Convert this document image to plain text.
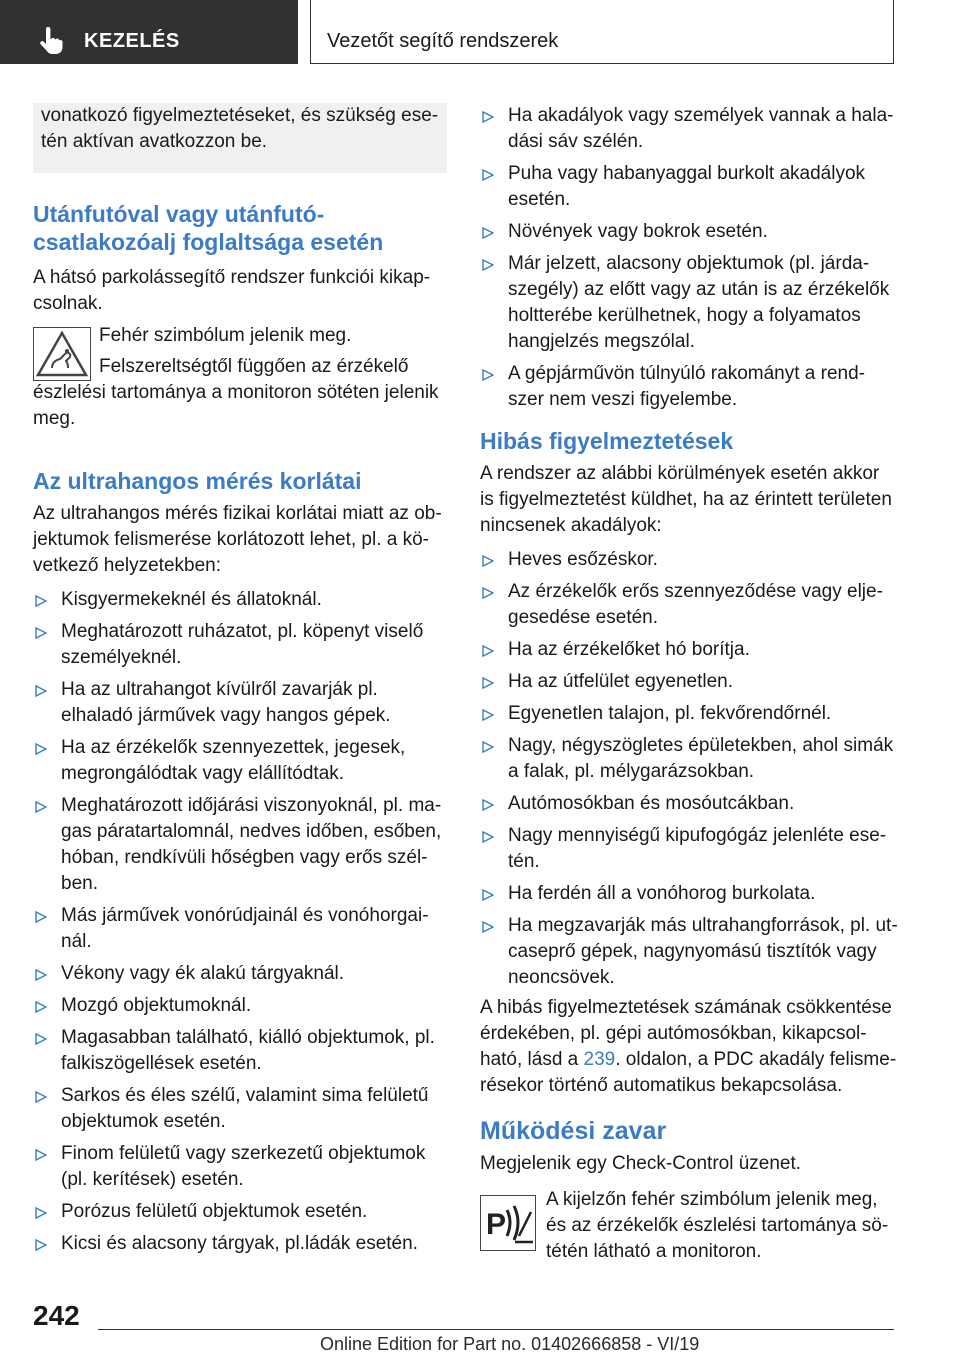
KEZELÉS	Vezetőt segítő rendszerek

vonatkozó figyelmeztetéseket, és szükség ese-tén aktívan avatkozzon be.

Utánfutóval vagy utánfutó-csatlakozóalj foglaltsága esetén

A hátsó parkolássegítő rendszer funkciói kikap-csolnak.

Fehér szimbólum jelenik meg.

Felszereltségtől függően az érzékelő észlelési tartománya a monitoron sötéten jelenik meg.

Az ultrahangos mérés korlátai

Az ultrahangos mérés fizikai korlátai miatt az ob-jektumok felismerése korlátozott lehet, pl. a kö-vetkező helyzetekben:

Kisgyermekeknél és állatoknál.
Meghatározott ruházatot, pl. köpenyt viselő személyeknél.
Ha az ultrahangot kívülről zavarják pl. elhaladó járművek vagy hangos gépek.
Ha az érzékelők szennyezettek, jegesek, megrongálódtak vagy elállítódtak.
Meghatározott időjárási viszonyoknál, pl. ma-gas páratartalomnál, nedves időben, esőben, hóban, rendkívüli hőségben vagy erős szél-ben.
Más járművek vonórúdjainál és vonóhorgai-nál.
Vékony vagy ék alakú tárgyaknál.
Mozgó objektumoknál.
Magasabban található, kiálló objektumok, pl. falkiszögellések esetén.
Sarkos és éles szélű, valamint sima felületű objektumok esetén.
Finom felületű vagy szerkezetű objektumok (pl. kerítések) esetén.
Porózus felületű objektumok esetén.
Kicsi és alacsony tárgyak, pl.ládák esetén.
Ha akadályok vagy személyek vannak a hala-dási sáv szélén.
Puha vagy habanyaggal burkolt akadályok esetén.
Növények vagy bokrok esetén.
Már jelzett, alacsony objektumok (pl. járda-szegély) az előtt vagy az után is az érzékelők holtterébe kerülhetnek, hogy a folyamatos hangjelzés megszólal.
A gépjárművön túlnyúló rakományt a rend-szer nem veszi figyelembe.
Hibás figyelmeztetések

A rendszer az alábbi körülmények esetén akkor is figyelmeztetést küldhet, ha az érintett területen nincsenek akadályok:

Heves esőzéskor.
Az érzékelők erős szennyeződése vagy elje-gesedése esetén.
Ha az érzékelőket hó borítja.
Ha az útfelület egyenetlen.
Egyenetlen talajon, pl. fekvőrendőrnél.
Nagy, négyszögletes épületekben, ahol simák a falak, pl. mélygarázsokban.
Autómosókban és mosóutcákban.
Nagy mennyiségű kipufogógáz jelenléte ese-tén.
Ha ferdén áll a vonóhorog burkolata.
Ha megzavarják más ultrahangforrások, pl. ut-caseprő gépek, nagynyomású tisztítók vagy neoncsövek.

A hibás figyelmeztetések számának csökkentése érdekében, pl. gépi autómosókban, kikapcsol-ható, lásd a 239. oldalon, a PDC akadály felisme-résekor történő automatikus bekapcsolása.

Működési zavar

Megjelenik egy Check-Control üzenet.

P

A kijelzőn fehér szimbólum jelenik meg, és az érzékelők észlelési tartománya sö-tétén látható a monitoron.

242
Online Edition for Part no. 01402666858 - VI/19
